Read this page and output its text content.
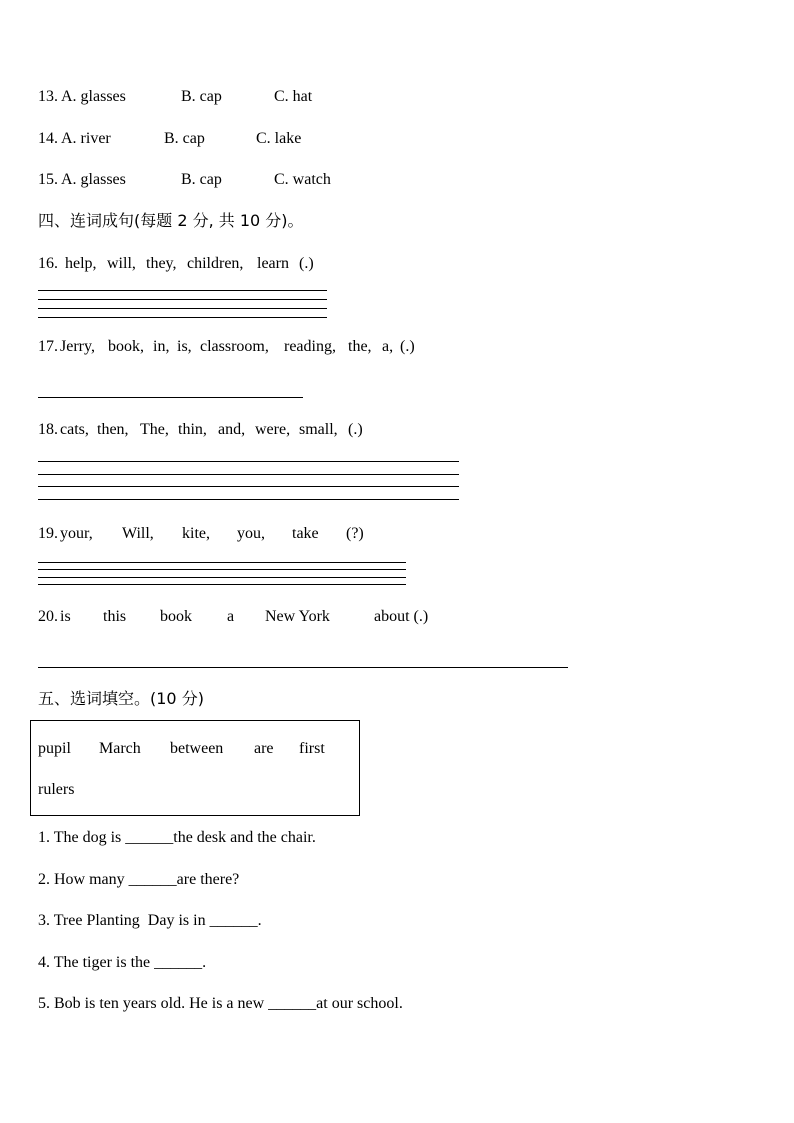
13. A. glasses	B. cap	C. hat
14. A. river	B. cap	C. lake
15. A. glasses	B. cap	C. watch
四、连词成句(每题 2 分, 共 10 分)。
16. help, will, they, children, learn (.)
17. Jerry, book, in, is, classroom, reading, the, a, (.)
18. cats, then, The, thin, and, were, small, (.)
19. your, Will, kite, you, take (?)
20. is this book a New York	about (.)
五、选词填空。(10 分)
pupil March between are first
rulers
1. The dog is ______the desk and the chair.
2. How many ______are there?
3. Tree Planting  Day is in ______.
4. The tiger is the ______.
5. Bob is ten years old. He is a new ______at our school.
